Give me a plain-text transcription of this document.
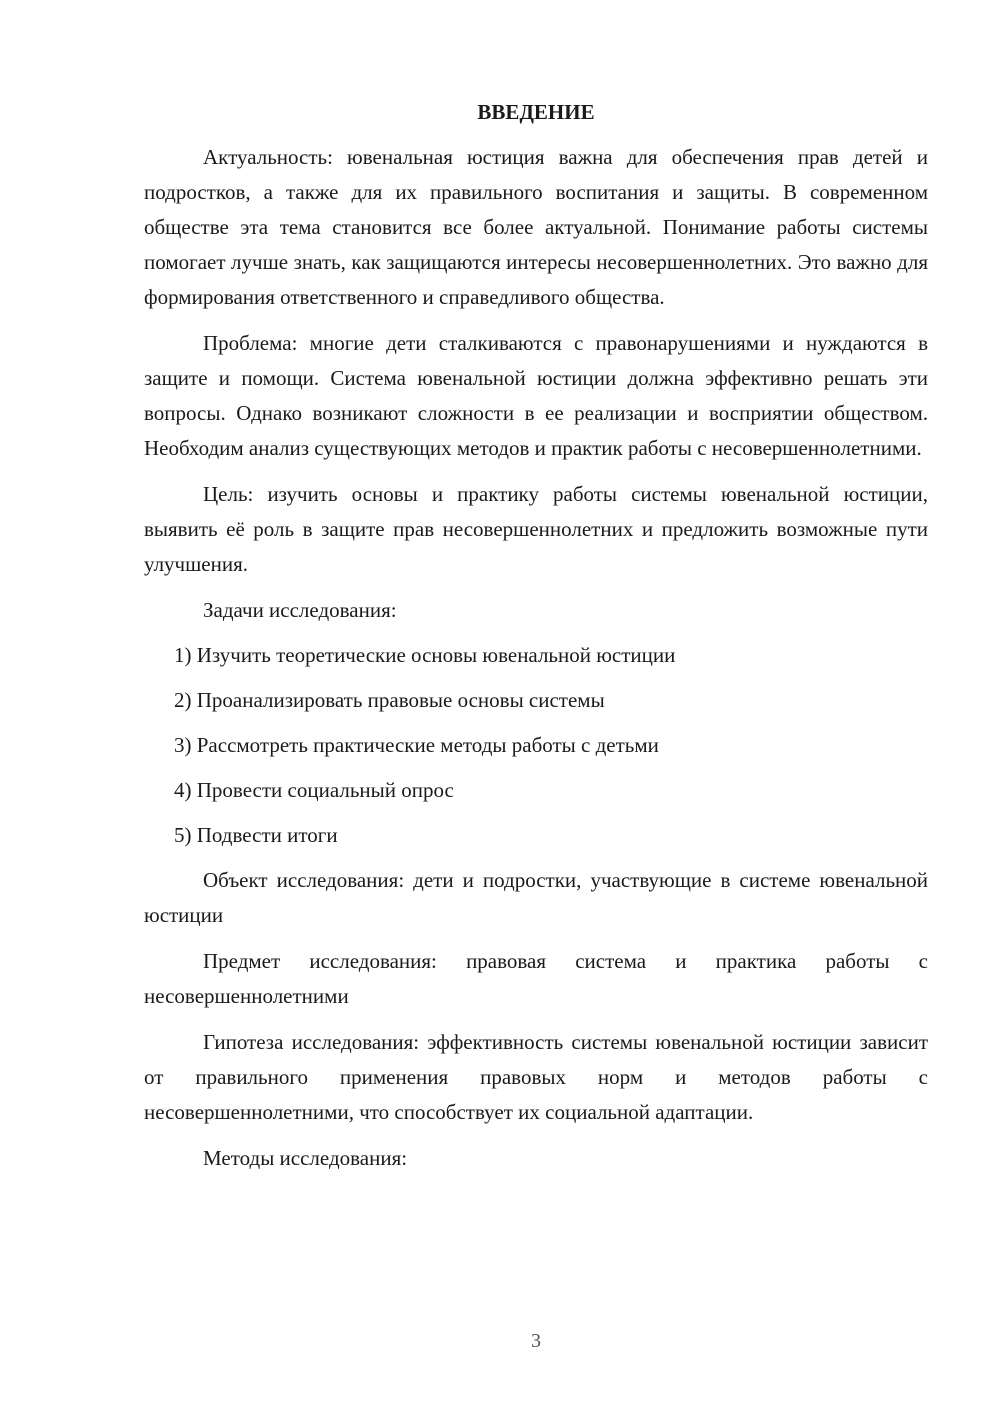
ВВЕДЕНИЕ

Актуальность: ювенальная юстиция важна для обеспечения прав детей и подростков, а также для их правильного воспитания и защиты. В современном обществе эта тема становится все более актуальной. Понимание работы системы помогает лучше знать, как защищаются интересы несовершеннолетних. Это важно для формирования ответственного и справедливого общества.

Проблема: многие дети сталкиваются с правонарушениями и нуждаются в защите и помощи. Система ювенальной юстиции должна эффективно решать эти вопросы. Однако возникают сложности в ее реализации и восприятии обществом. Необходим анализ существующих методов и практик работы с несовершеннолетними.

Цель: изучить основы и практику работы системы ювенальной юстиции, выявить её роль в защите прав несовершеннолетних и предложить возможные пути улучшения.

Задачи исследования:

1) Изучить теоретические основы ювенальной юстиции
2) Проанализировать правовые основы системы
3) Рассмотреть практические методы работы с детьми
4) Провести социальный опрос
5) Подвести итоги

Объект исследования: дети и подростки, участвующие в системе ювенальной юстиции

Предмет исследования: правовая система и практика работы с несовершеннолетними

Гипотеза исследования: эффективность системы ювенальной юстиции зависит от правильного применения правовых норм и методов работы с несовершеннолетними, что способствует их социальной адаптации.

Методы исследования:

3
